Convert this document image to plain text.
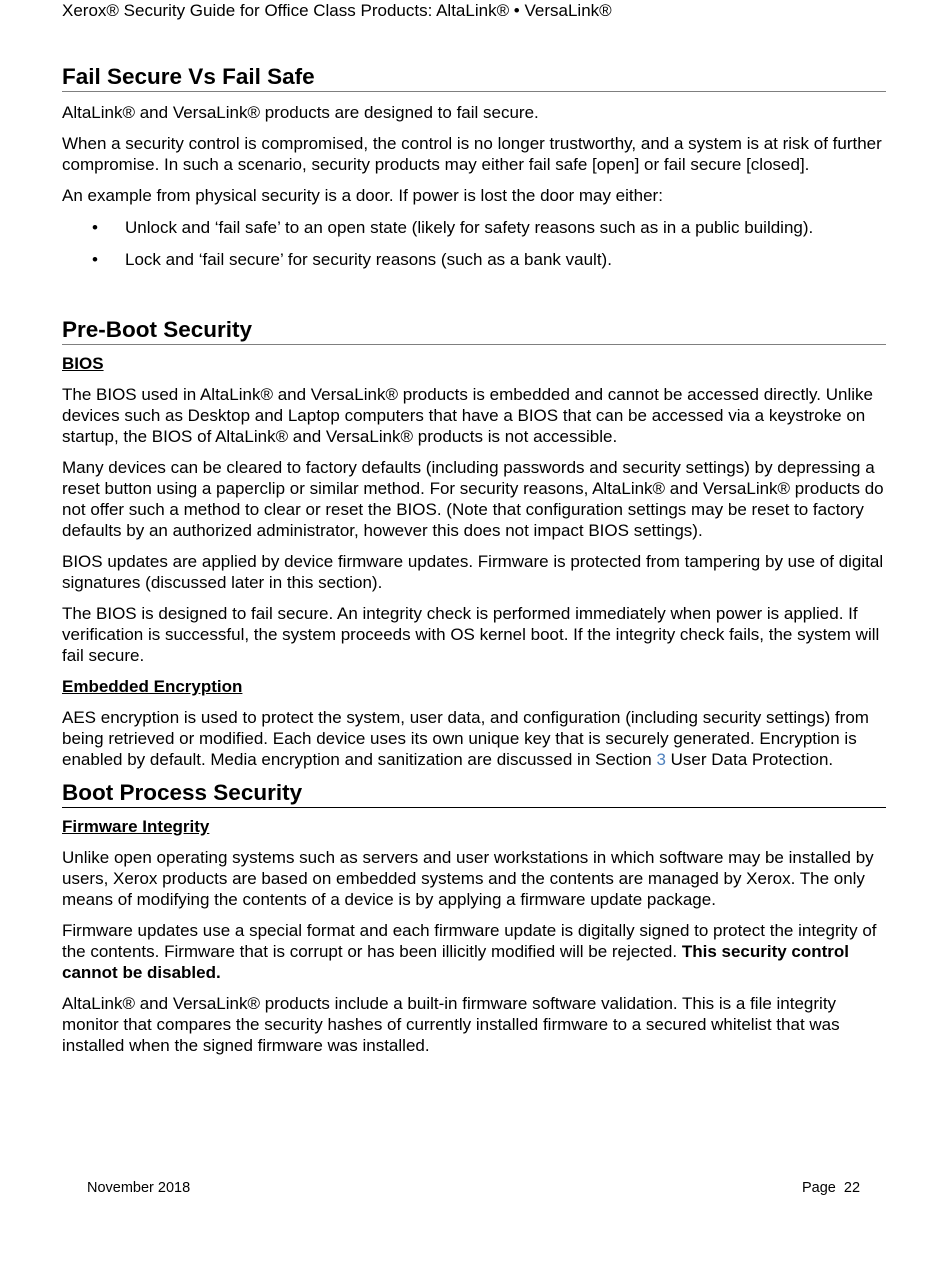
Xerox® Security Guide for Office Class Products: AltaLink® • VersaLink®
Fail Secure Vs Fail Safe

AltaLink® and VersaLink® products are designed to fail secure.

When a security control is compromised, the control is no longer trustworthy, and a system is at risk of further compromise. In such a scenario, security products may either fail safe [open] or fail secure [closed].

An example from physical security is a door. If power is lost the door may either:

• Unlock and ‘fail safe’ to an open state (likely for safety reasons such as in a public building).
• Lock and ‘fail secure’ for security reasons (such as a bank vault).
Pre-Boot Security
BIOS

The BIOS used in AltaLink® and VersaLink® products is embedded and cannot be accessed directly. Unlike devices such as Desktop and Laptop computers that have a BIOS that can be accessed via a keystroke on startup, the BIOS of AltaLink® and VersaLink® products is not accessible.

Many devices can be cleared to factory defaults (including passwords and security settings) by depressing a reset button using a paperclip or similar method. For security reasons, AltaLink® and VersaLink® products do not offer such a method to clear or reset the BIOS. (Note that configuration settings may be reset to factory defaults by an authorized administrator, however this does not impact BIOS settings).

BIOS updates are applied by device firmware updates. Firmware is protected from tampering by use of digital signatures (discussed later in this section).

The BIOS is designed to fail secure. An integrity check is performed immediately when power is applied. If verification is successful, the system proceeds with OS kernel boot. If the integrity check fails, the system will fail secure.

Embedded Encryption

AES encryption is used to protect the system, user data, and configuration (including security settings) from being retrieved or modified. Each device uses its own unique key that is securely generated. Encryption is enabled by default. Media encryption and sanitization are discussed in Section 3 User Data Protection.

Boot Process Security
Firmware Integrity

Unlike open operating systems such as servers and user workstations in which software may be installed by users, Xerox products are based on embedded systems and the contents are managed by Xerox. The only means of modifying the contents of a device is by applying a firmware update package.

Firmware updates use a special format and each firmware update is digitally signed to protect the integrity of the contents. Firmware that is corrupt or has been illicitly modified will be rejected. This security control cannot be disabled.

AltaLink® and VersaLink® products include a built-in firmware software validation. This is a file integrity monitor that compares the security hashes of currently installed firmware to a secured whitelist that was installed when the signed firmware was installed.

November 2018	Page  22
